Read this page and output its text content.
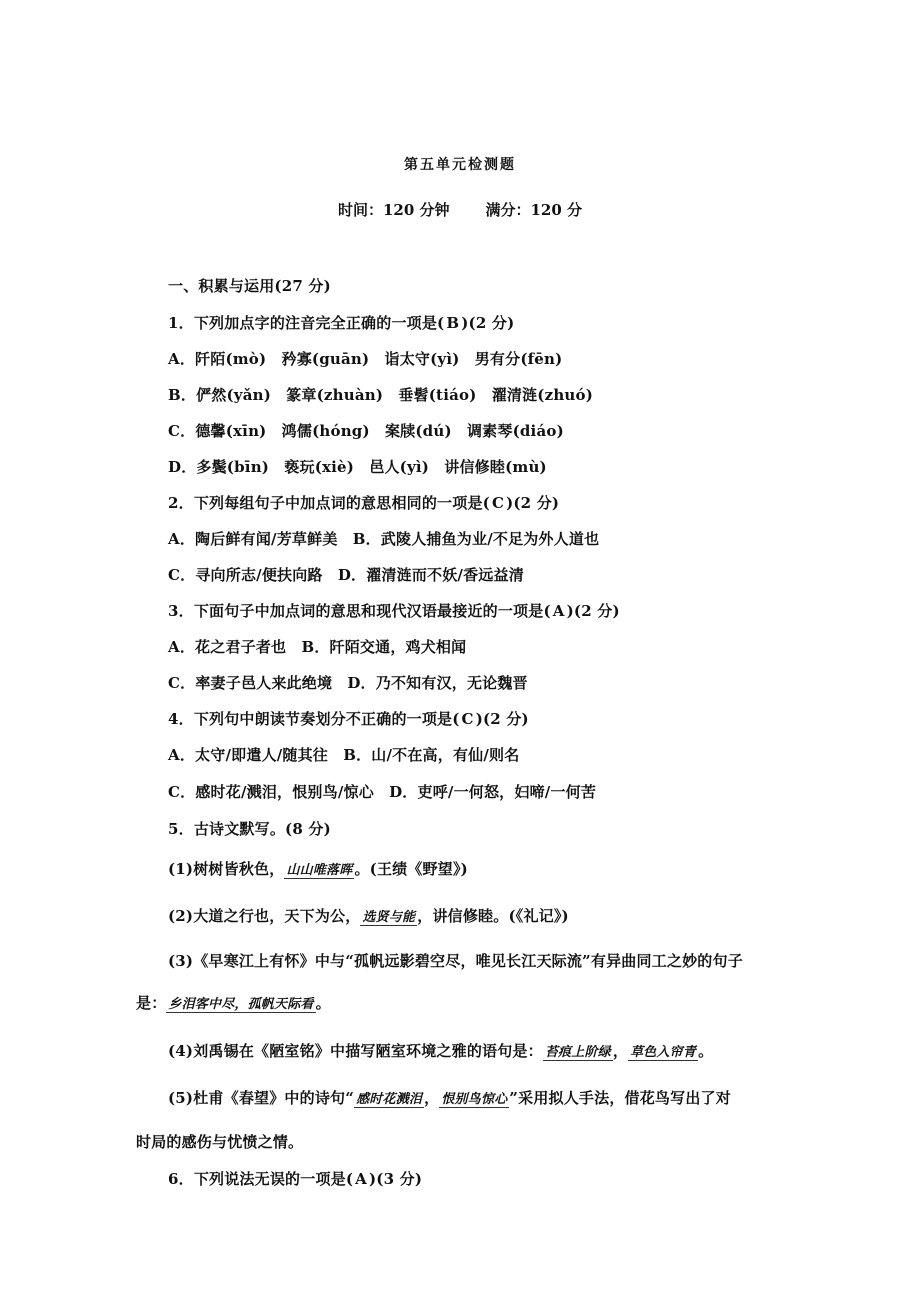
第五单元检测题
时间：120 分钟 满分：120 分
一、积累与运用(27 分)
1．下列加点字的注音完全正确的一项是( B )(2 分)
A．阡陌(mò)　矜寡(guān)　诣太守(yì)　男有分(fēn)
B．俨然(yǎn)　篆章(zhuàn)　垂髫(tiáo)　濯清涟(zhuó)
C．德馨(xīn)　鸿儒(hóng)　案牍(dú)　调素琴(diáo)
D．多鬓(bīn)　亵玩(xiè)　邑人(yì)　讲信修睦(mù)
2．下列每组句子中加点词的意思相同的一项是( C )(2 分)
A．陶后鲜有闻/芳草鲜美　B．武陵人捕鱼为业/不足为外人道也
C．寻向所志/便扶向路　D．濯清涟而不妖/香远益清
3．下面句子中加点词的意思和现代汉语最接近的一项是( A )(2 分)
A．花之君子者也　B．阡陌交通，鸡犬相闻
C．率妻子邑人来此绝境　D．乃不知有汉，无论魏晋
4．下列句中朗读节奏划分不正确的一项是( C )(2 分)
A．太守/即遣人/随其往　B．山/不在高，有仙/则名
C．感时花/溅泪，恨别鸟/惊心　D．吏呼/一何怒，妇啼/一何苦
5．古诗文默写。(8 分)
(1)树树皆秋色， 山山唯落晖 。(王绩《野望》)
(2)大道之行也，天下为公， 选贤与能 ，讲信修睦。(《礼记》)
(3)《早寒江上有怀》中与“孤帆远影碧空尽，唯见长江天际流”有异曲同工之妙的句子
是： 乡泪客中尽，孤帆天际看 。
(4)刘禹锡在《陋室铭》中描写陋室环境之雅的语句是： 苔痕上阶绿 ， 草色入帘青 。
(5)杜甫《春望》中的诗句“ 感时花溅泪 ， 恨别鸟惊心 ”采用拟人手法，借花鸟写出了对
时局的感伤与忧愤之情。
6．下列说法无误的一项是( A )(3 分)
